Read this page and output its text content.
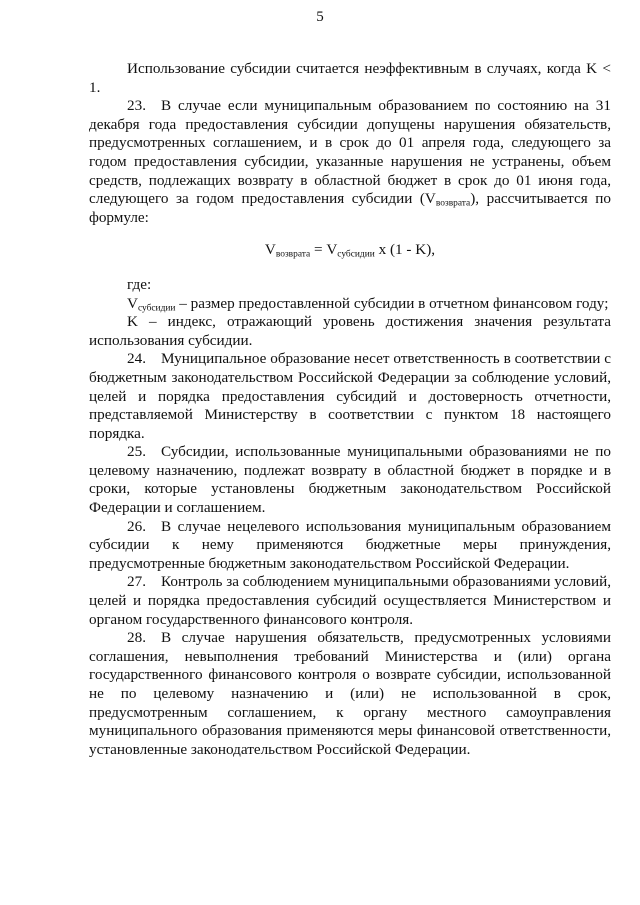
5

Использование субсидии считается неэффективным в случаях, когда K < 1.

23. В случае если муниципальным образованием по состоянию на 31 декабря года предоставления субсидии допущены нарушения обязательств, предусмотренных соглашением, и в срок до 01 апреля года, следующего за годом предоставления субсидии, указанные нарушения не устранены, объем средств, подлежащих возврату в областной бюджет в срок до 01 июня года, следующего за годом предоставления субсидии $(V_{возврата})$, рассчитывается по формуле:

$V_{возврата} = V_{субсидии}$ x (1 - K),

где:

$V_{субсидии}$ – размер предоставленной субсидии в отчетном финансовом году;

K – индекс, отражающий уровень достижения значения результата использования субсидии.

24. Муниципальное образование несет ответственность в соответствии с бюджетным законодательством Российской Федерации за соблюдение условий, целей и порядка предоставления субсидий и достоверность отчетности, представляемой Министерству в соответствии с пунктом 18 настоящего порядка.

25. Субсидии, использованные муниципальными образованиями не по целевому назначению, подлежат возврату в областной бюджет в порядке и в сроки, которые установлены бюджетным законодательством Российской Федерации и соглашением.

26. В случае нецелевого использования муниципальным образованием субсидии к нему применяются бюджетные меры принуждения, предусмотренные бюджетным законодательством Российской Федерации.

27. Контроль за соблюдением муниципальными образованиями условий, целей и порядка предоставления субсидий осуществляется Министерством и органом государственного финансового контроля.

28. В случае нарушения обязательств, предусмотренных условиями соглашения, невыполнения требований Министерства и (или) органа государственного финансового контроля о возврате субсидии, использованной не по целевому назначению и (или) не использованной в срок, предусмотренным соглашением, к органу местного самоуправления муниципального образования применяются меры финансовой ответственности, установленные законодательством Российской Федерации.
